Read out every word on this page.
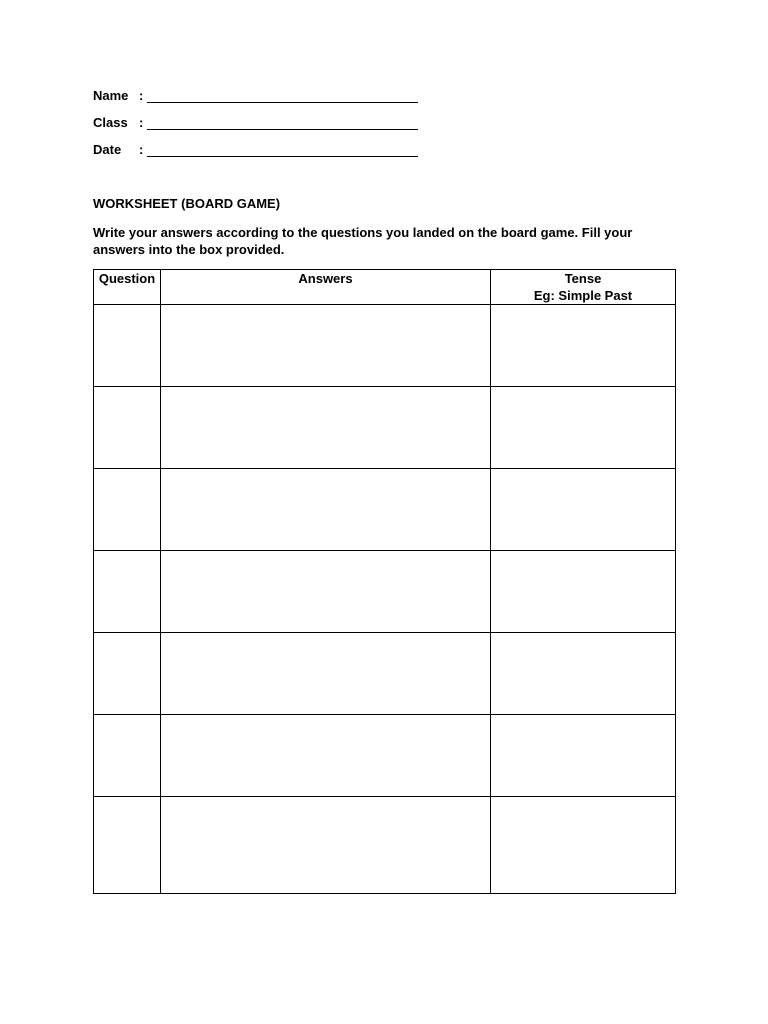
Name :
Class :
Date :
WORKSHEET (BOARD GAME)
Write your answers according to the questions you landed on the board game. Fill your answers into the box provided.
Question	Answers	Tense
Eg: Simple Past
